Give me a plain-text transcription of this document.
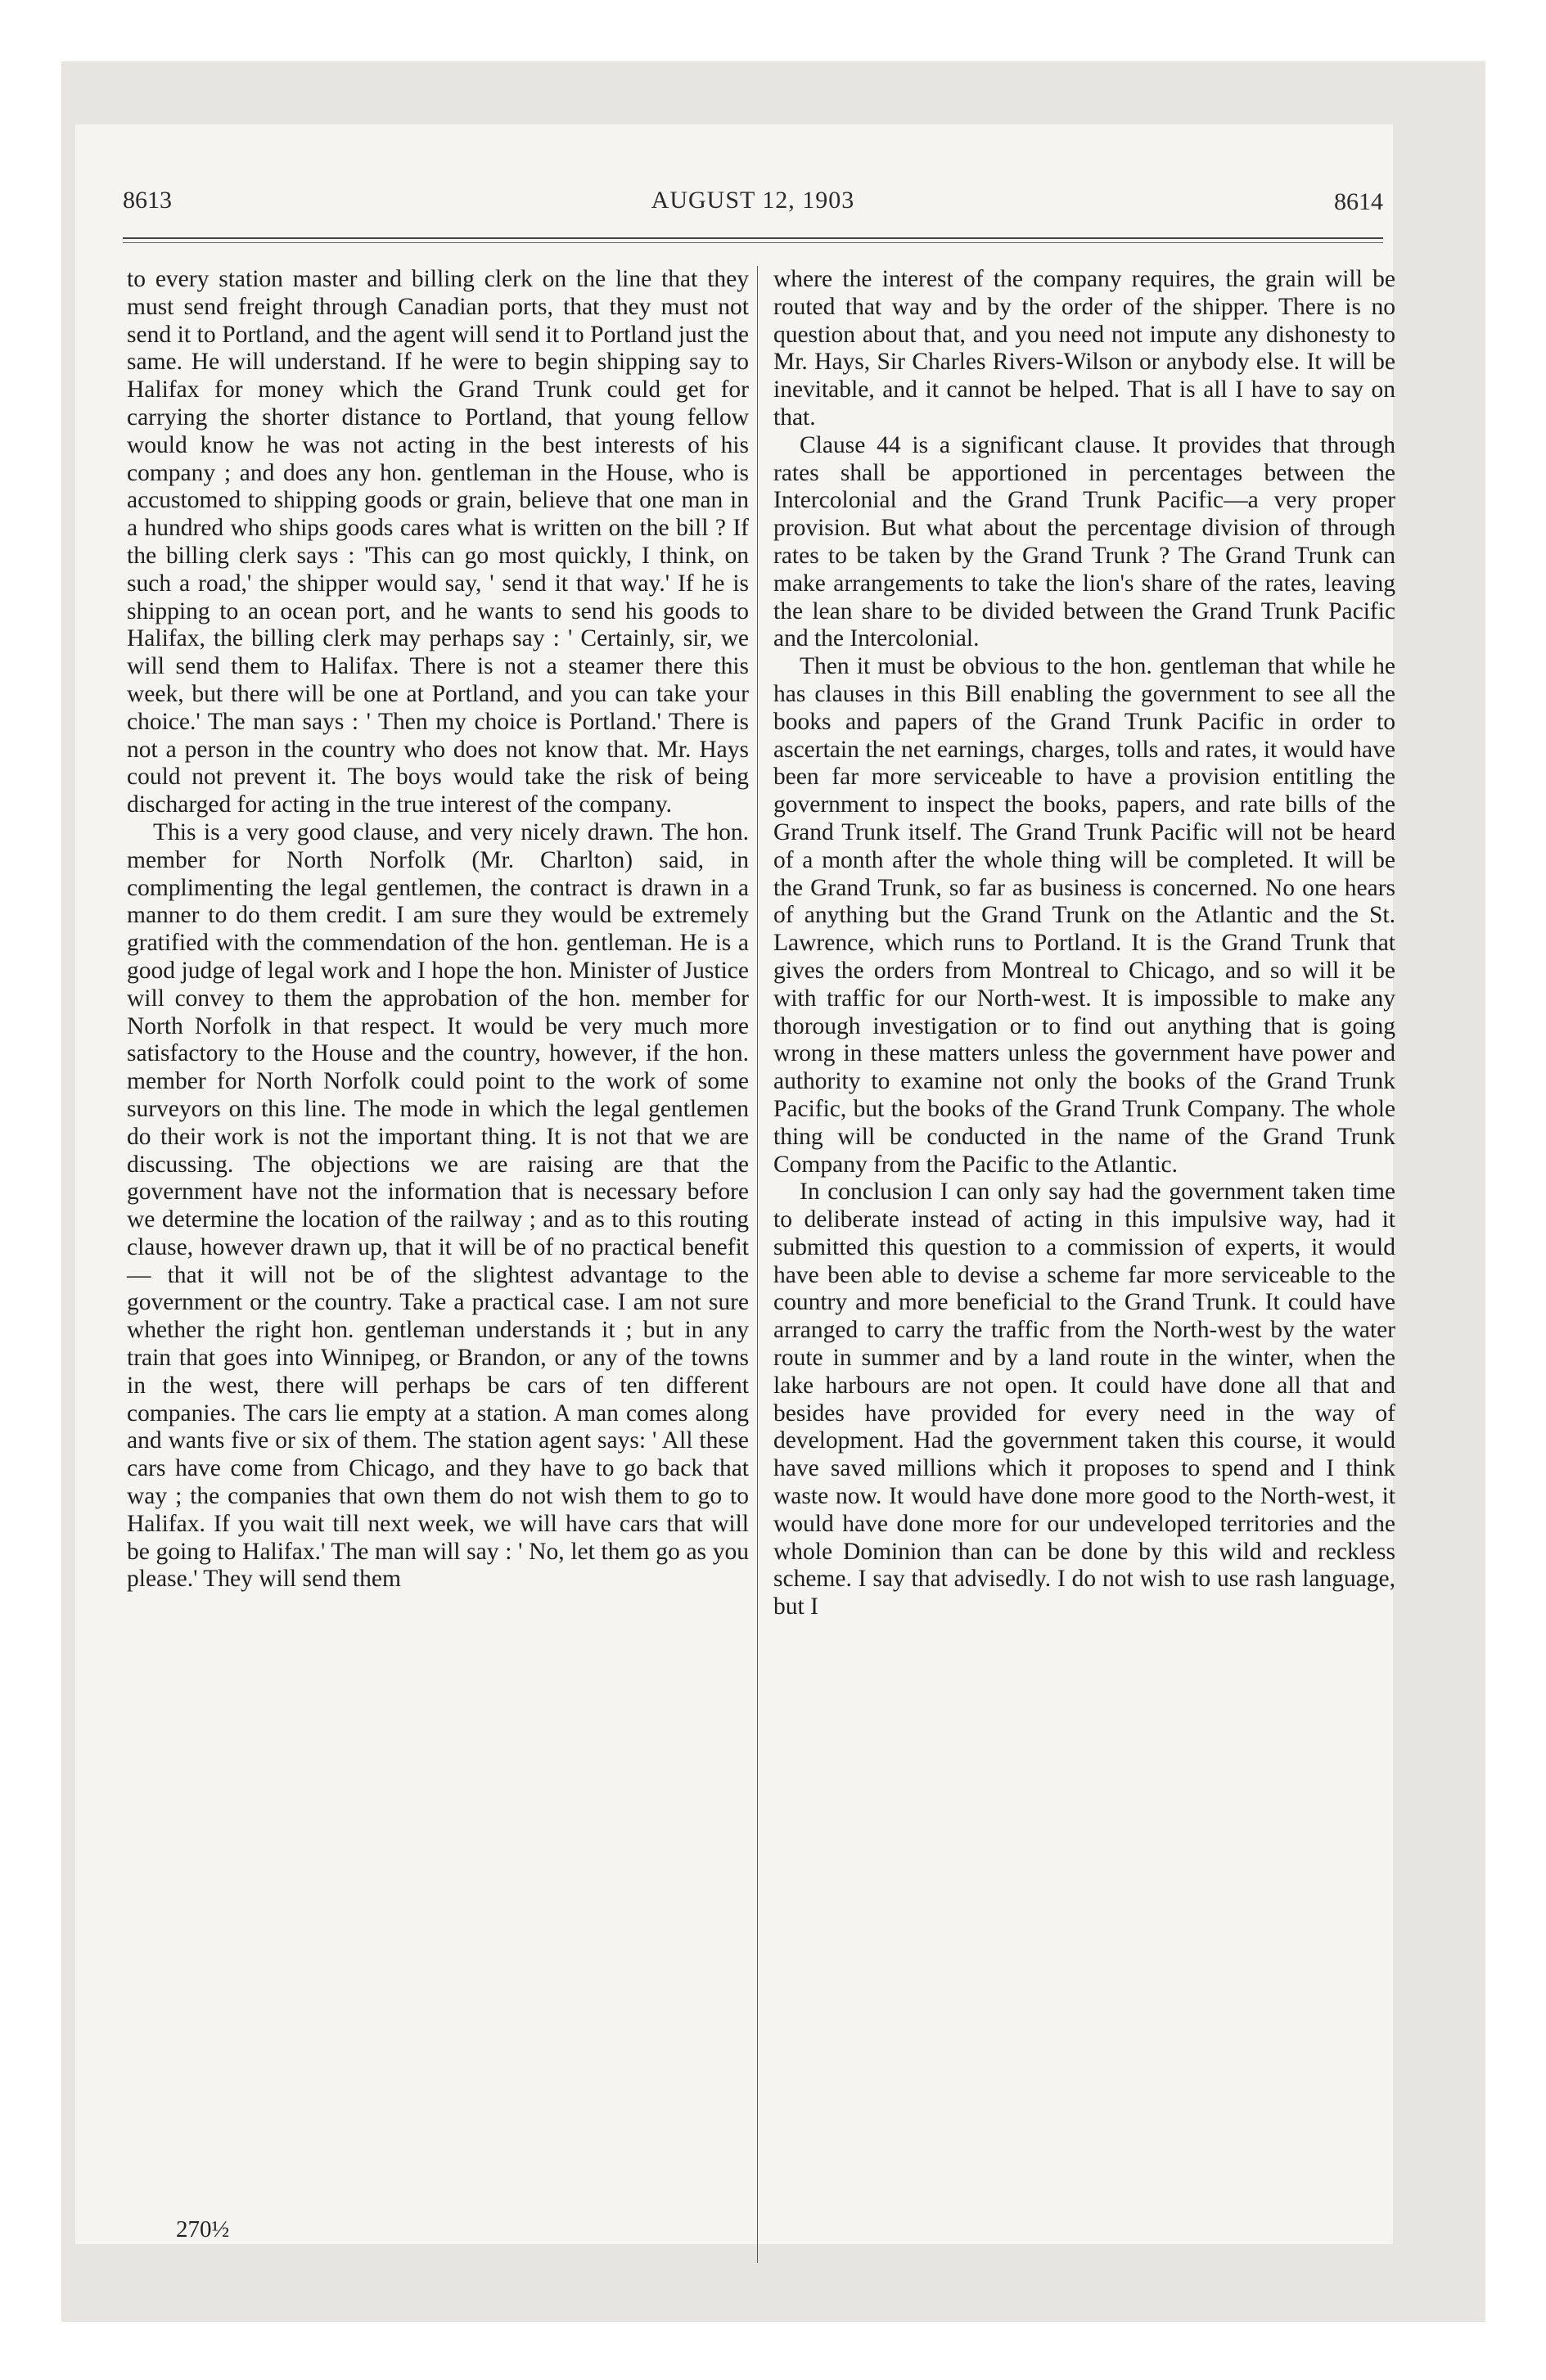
8613	AUGUST 12, 1903	8614

to every station master and billing clerk on the line that they must send freight through Canadian ports, that they must not send it to Portland, and the agent will send it to Portland just the same. He will understand. If he were to begin shipping say to Halifax for money which the Grand Trunk could get for carrying the shorter distance to Portland, that young fellow would know he was not acting in the best interests of his company ; and does any hon. gentleman in the House, who is accustomed to shipping goods or grain, believe that one man in a hundred who ships goods cares what is written on the bill ? If the billing clerk says : 'This can go most quickly, I think, on such a road,' the shipper would say, ' send it that way.' If he is shipping to an ocean port, and he wants to send his goods to Halifax, the billing clerk may perhaps say : ' Certainly, sir, we will send them to Halifax. There is not a steamer there this week, but there will be one at Portland, and you can take your choice.' The man says : ' Then my choice is Portland.' There is not a person in the country who does not know that. Mr. Hays could not prevent it. The boys would take the risk of being discharged for acting in the true interest of the company.

This is a very good clause, and very nicely drawn. The hon. member for North Norfolk (Mr. Charlton) said, in complimenting the legal gentlemen, the contract is drawn in a manner to do them credit. I am sure they would be extremely gratified with the commendation of the hon. gentleman. He is a good judge of legal work and I hope the hon. Minister of Justice will convey to them the approbation of the hon. member for North Norfolk in that respect. It would be very much more satisfactory to the House and the country, however, if the hon. member for North Norfolk could point to the work of some surveyors on this line. The mode in which the legal gentlemen do their work is not the important thing. It is not that we are discussing. The objections we are raising are that the government have not the information that is necessary before we determine the location of the railway ; and as to this routing clause, however drawn up, that it will be of no practical benefit— that it will not be of the slightest advantage to the government or the country. Take a practical case. I am not sure whether the right hon. gentleman understands it ; but in any train that goes into Winnipeg, or Brandon, or any of the towns in the west, there will perhaps be cars of ten different companies. The cars lie empty at a station. A man comes along and wants five or six of them. The station agent says: ' All these cars have come from Chicago, and they have to go back that way ; the companies that own them do not wish them to go to Halifax. If you wait till next week, we will have cars that will be going to Halifax.' The man will say : ' No, let them go as you please.' They will send them

where the interest of the company requires, the grain will be routed that way and by the order of the shipper. There is no question about that, and you need not impute any dishonesty to Mr. Hays, Sir Charles Rivers-Wilson or anybody else. It will be inevitable, and it cannot be helped. That is all I have to say on that.

Clause 44 is a significant clause. It provides that through rates shall be apportioned in percentages between the Intercolonial and the Grand Trunk Pacific—a very proper provision. But what about the percentage division of through rates to be taken by the Grand Trunk ? The Grand Trunk can make arrangements to take the lion's share of the rates, leaving the lean share to be divided between the Grand Trunk Pacific and the Intercolonial.

Then it must be obvious to the hon. gentleman that while he has clauses in this Bill enabling the government to see all the books and papers of the Grand Trunk Pacific in order to ascertain the net earnings, charges, tolls and rates, it would have been far more serviceable to have a provision entitling the government to inspect the books, papers, and rate bills of the Grand Trunk itself. The Grand Trunk Pacific will not be heard of a month after the whole thing will be completed. It will be the Grand Trunk, so far as business is concerned. No one hears of anything but the Grand Trunk on the Atlantic and the St. Lawrence, which runs to Portland. It is the Grand Trunk that gives the orders from Montreal to Chicago, and so will it be with traffic for our North-west. It is impossible to make any thorough investigation or to find out anything that is going wrong in these matters unless the government have power and authority to examine not only the books of the Grand Trunk Pacific, but the books of the Grand Trunk Company. The whole thing will be conducted in the name of the Grand Trunk Company from the Pacific to the Atlantic.

In conclusion I can only say had the government taken time to deliberate instead of acting in this impulsive way, had it submitted this question to a commission of experts, it would have been able to devise a scheme far more serviceable to the country and more beneficial to the Grand Trunk. It could have arranged to carry the traffic from the North-west by the water route in summer and by a land route in the winter, when the lake harbours are not open. It could have done all that and besides have provided for every need in the way of development. Had the government taken this course, it would have saved millions which it proposes to spend and I think waste now. It would have done more good to the North-west, it would have done more for our undeveloped territories and the whole Dominion than can be done by this wild and reckless scheme. I say that advisedly. I do not wish to use rash language, but I

270½
